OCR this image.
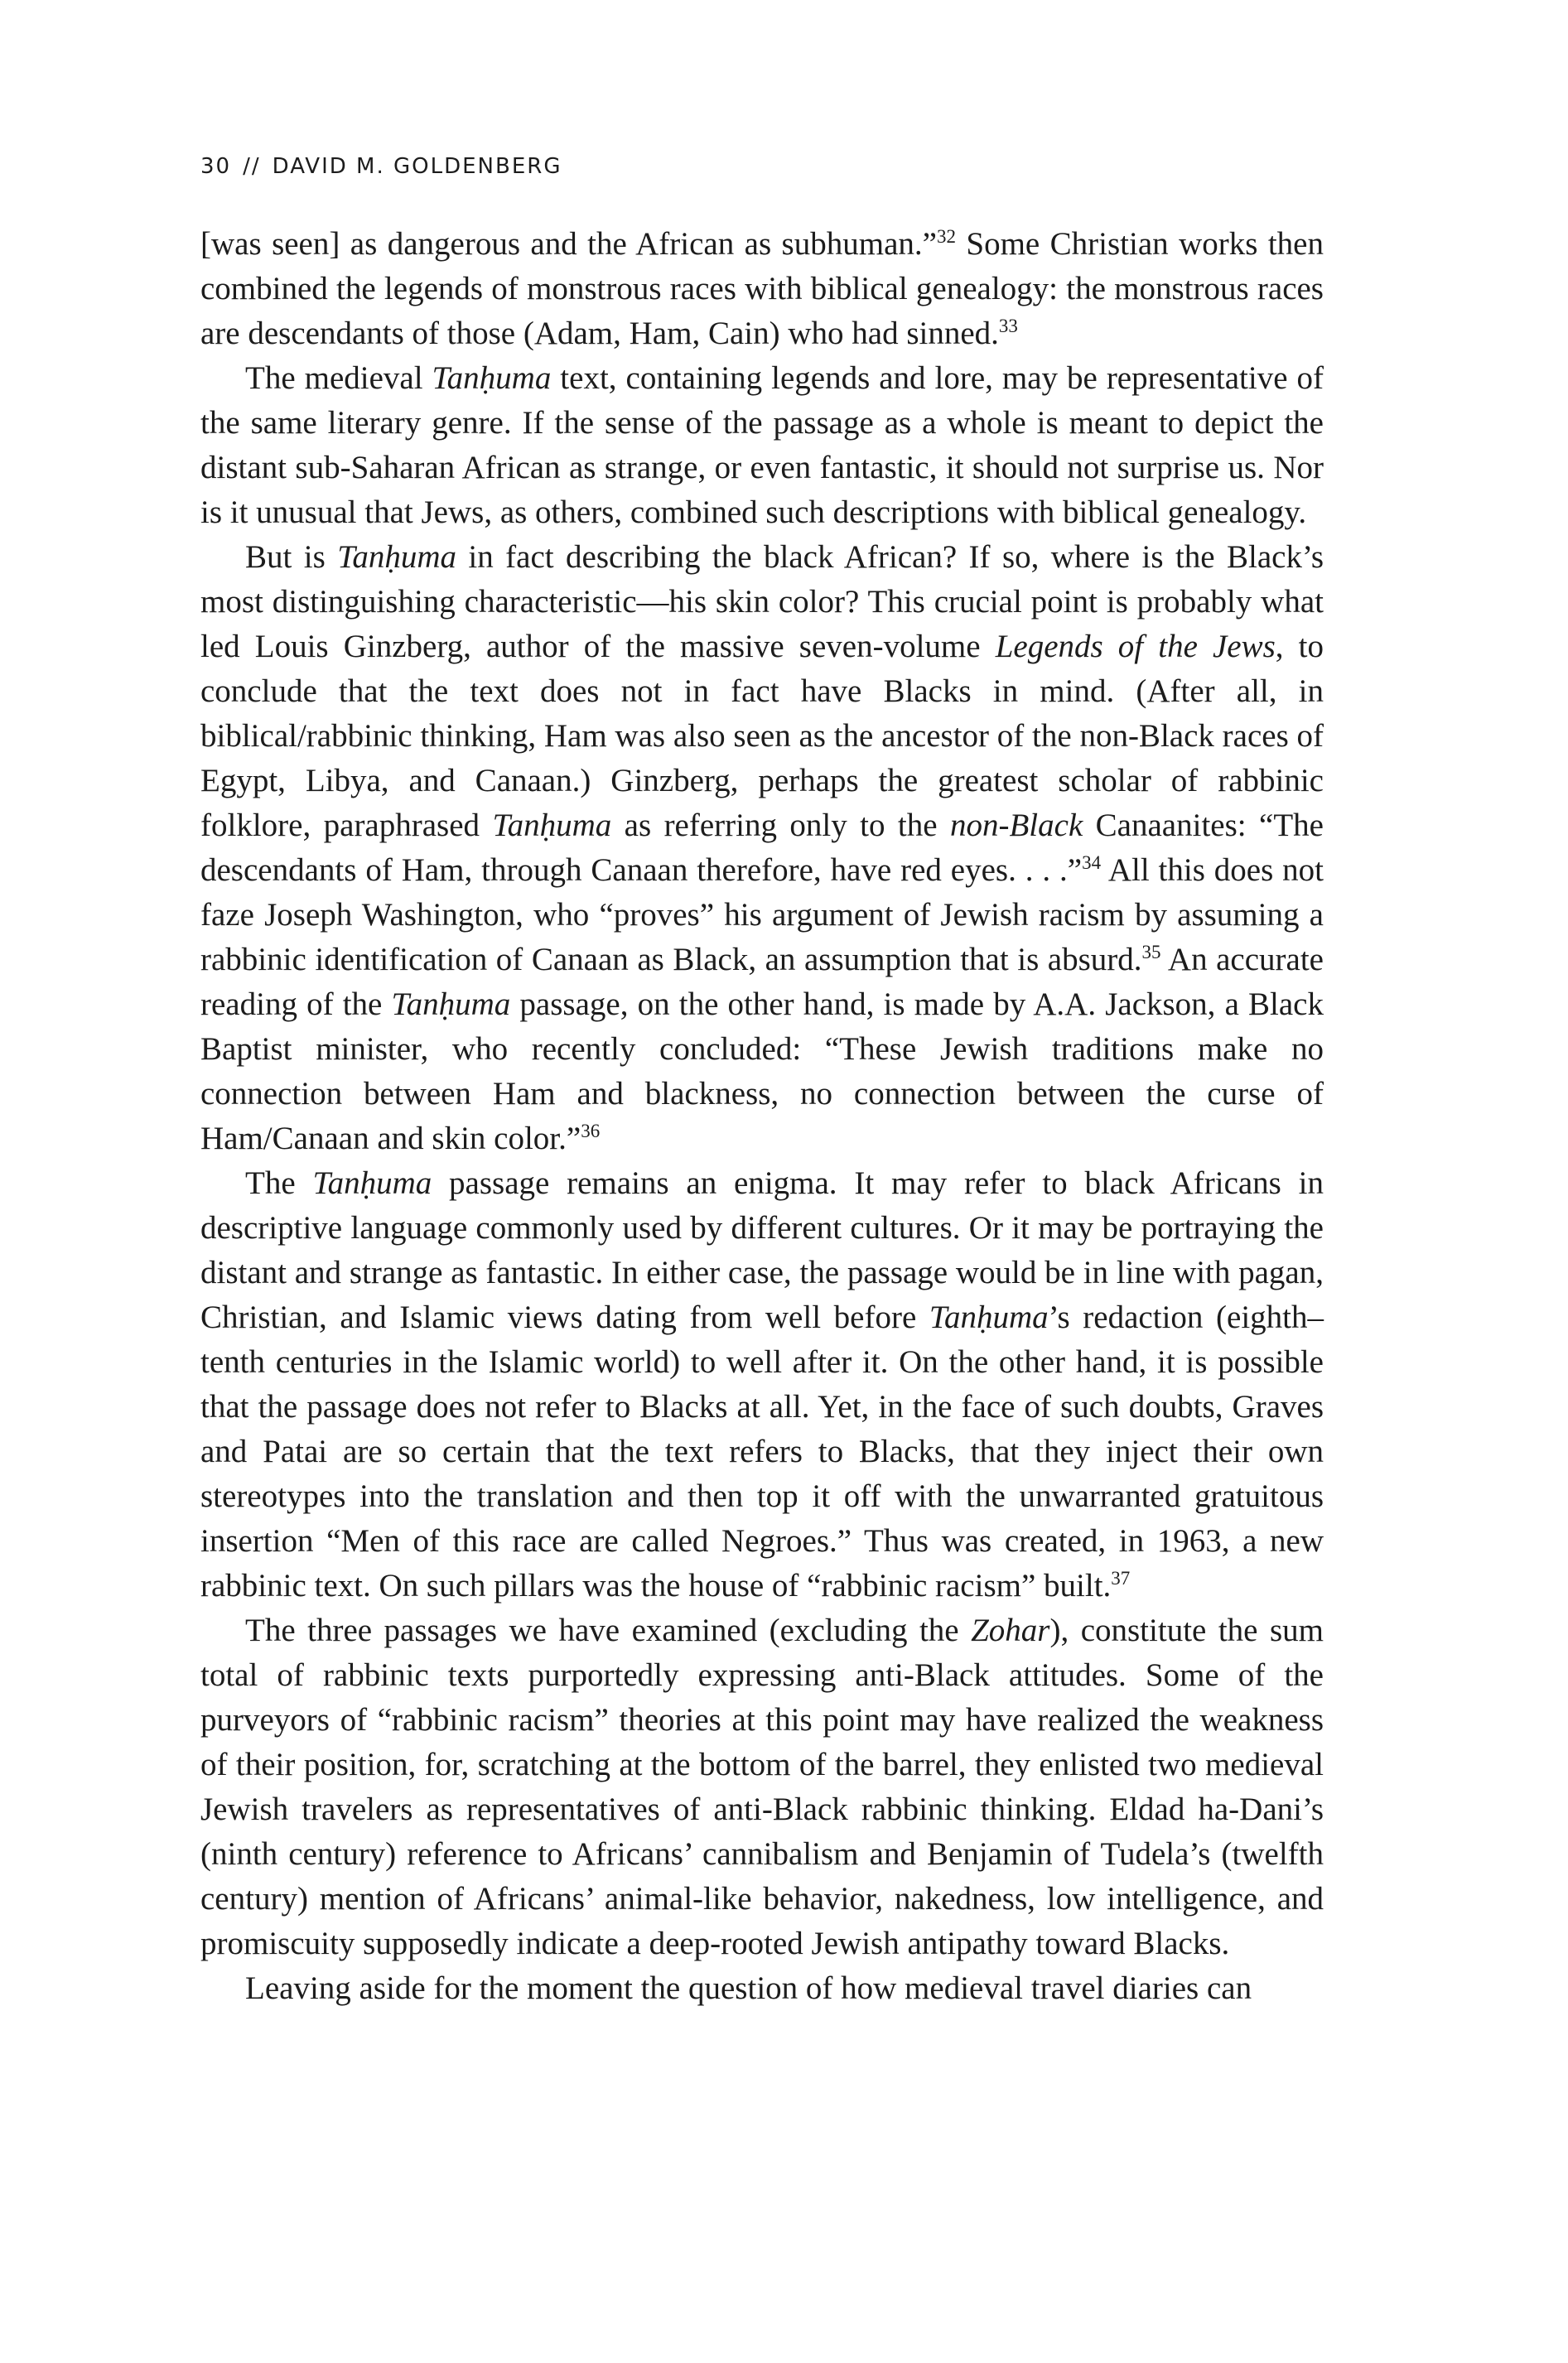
30 // DAVID M. GOLDENBERG

[was seen] as dangerous and the African as subhuman.”$^{32}$ Some Christian works then combined the legends of monstrous races with biblical genealogy: the monstrous races are descendants of those (Adam, Ham, Cain) who had sinned.$^{33}$

The medieval Tanḥuma text, containing legends and lore, may be representative of the same literary genre. If the sense of the passage as a whole is meant to depict the distant sub-Saharan African as strange, or even fantastic, it should not surprise us. Nor is it unusual that Jews, as others, combined such descriptions with biblical genealogy.

But is Tanḥuma in fact describing the black African? If so, where is the Black’s most distinguishing characteristic—his skin color? This crucial point is probably what led Louis Ginzberg, author of the massive seven-volume Legends of the Jews, to conclude that the text does not in fact have Blacks in mind. (After all, in biblical/rabbinic thinking, Ham was also seen as the ancestor of the non-Black races of Egypt, Libya, and Canaan.) Ginzberg, perhaps the greatest scholar of rabbinic folklore, paraphrased Tanḥuma as referring only to the non-Black Canaanites: “The descendants of Ham, through Canaan therefore, have red eyes. . . .”$^{34}$ All this does not faze Joseph Washington, who “proves” his argument of Jewish racism by assuming a rabbinic identification of Canaan as Black, an assumption that is absurd.$^{35}$ An accurate reading of the Tanḥuma passage, on the other hand, is made by A.A. Jackson, a Black Baptist minister, who recently concluded: “These Jewish traditions make no connection between Ham and blackness, no connection between the curse of Ham/Canaan and skin color.”$^{36}$

The Tanḥuma passage remains an enigma. It may refer to black Africans in descriptive language commonly used by different cultures. Or it may be portraying the distant and strange as fantastic. In either case, the passage would be in line with pagan, Christian, and Islamic views dating from well before Tanḥuma’s redaction (eighth–tenth centuries in the Islamic world) to well after it. On the other hand, it is possible that the passage does not refer to Blacks at all. Yet, in the face of such doubts, Graves and Patai are so certain that the text refers to Blacks, that they inject their own stereotypes into the translation and then top it off with the unwarranted gratuitous insertion “Men of this race are called Negroes.” Thus was created, in 1963, a new rabbinic text. On such pillars was the house of “rabbinic racism” built.$^{37}$

The three passages we have examined (excluding the Zohar), constitute the sum total of rabbinic texts purportedly expressing anti-Black attitudes. Some of the purveyors of “rabbinic racism” theories at this point may have realized the weakness of their position, for, scratching at the bottom of the barrel, they enlisted two medieval Jewish travelers as representatives of anti-Black rabbinic thinking. Eldad ha-Dani’s (ninth century) reference to Africans’ cannibalism and Benjamin of Tudela’s (twelfth century) mention of Africans’ animal-like behavior, nakedness, low intelligence, and promiscuity supposedly indicate a deep-rooted Jewish antipathy toward Blacks.

Leaving aside for the moment the question of how medieval travel diaries can
